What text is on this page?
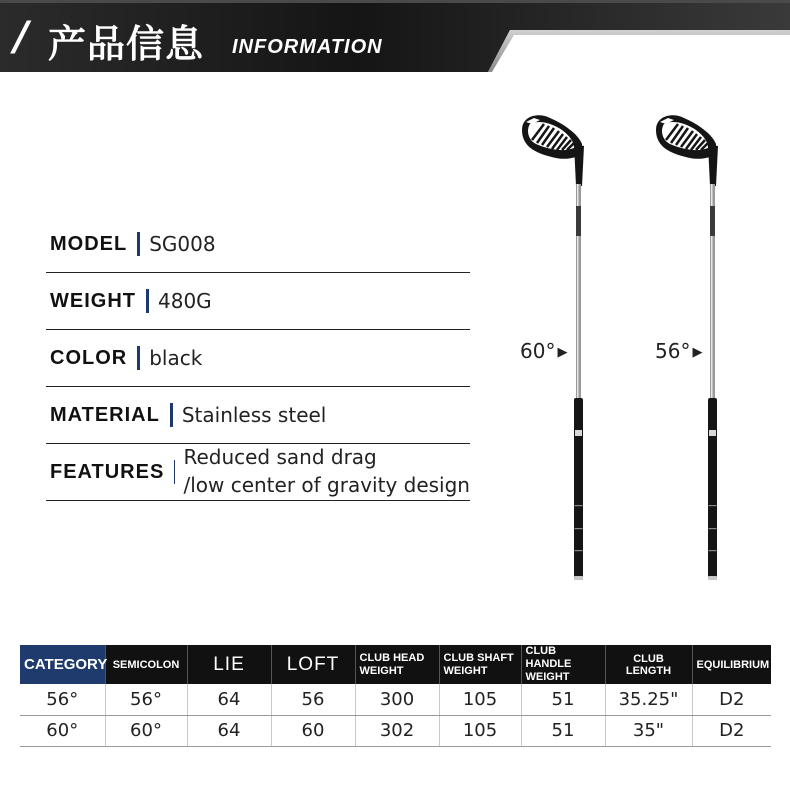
/ 产品信息 INFORMATION
MODEL SG008
WEIGHT 480G
COLOR black
MATERIAL Stainless steel
FEATURES
Reduced sand drag
/low center of gravity design
60° ▶	56° ▶
CATEGORY	SEMICOLON	LIE	LOFT	CLUB HEAD WEIGHT	CLUB SHAFT WEIGHT	CLUB HANDLE WEIGHT	CLUB LENGTH	EQUILIBRIUM
56°	56°	64	56	300	105	51	35.25"	D2
60°	60°	64	60	302	105	51	35"	D2
